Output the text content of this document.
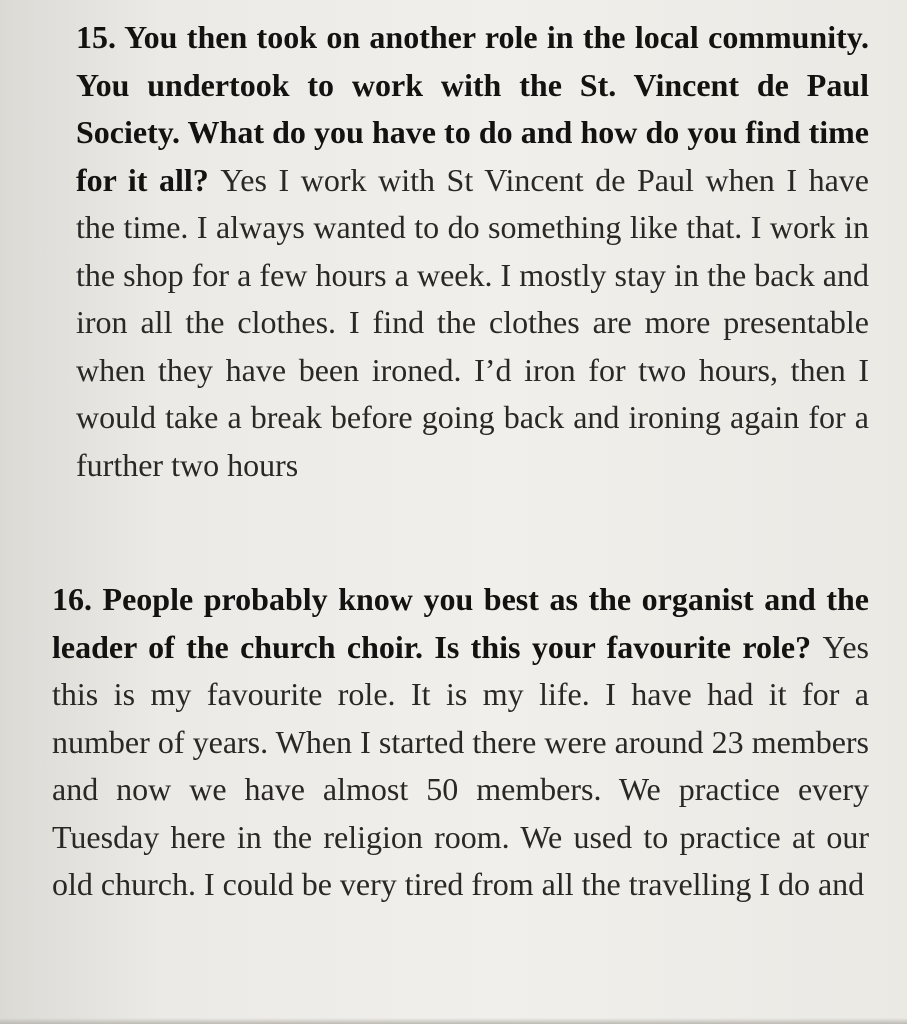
15. You then took on another role in the local community. You undertook to work with the St. Vincent de Paul Society. What do you have to do and how do you find time for it all? Yes I work with St Vincent de Paul when I have the time. I always wanted to do something like that. I work in the shop for a few hours a week. I mostly stay in the back and iron all the clothes. I find the clothes are more presentable when they have been ironed. I’d iron for two hours, then I would take a break before going back and ironing again for a further two hours

16. People probably know you best as the organist and the leader of the church choir. Is this your favourite role? Yes this is my favourite role. It is my life. I have had it for a number of years. When I started there were around 23 members and now we have almost 50 members. We practice every Tuesday here in the religion room. We used to practice at our old church. I could be very tired from all the travelling I do and
